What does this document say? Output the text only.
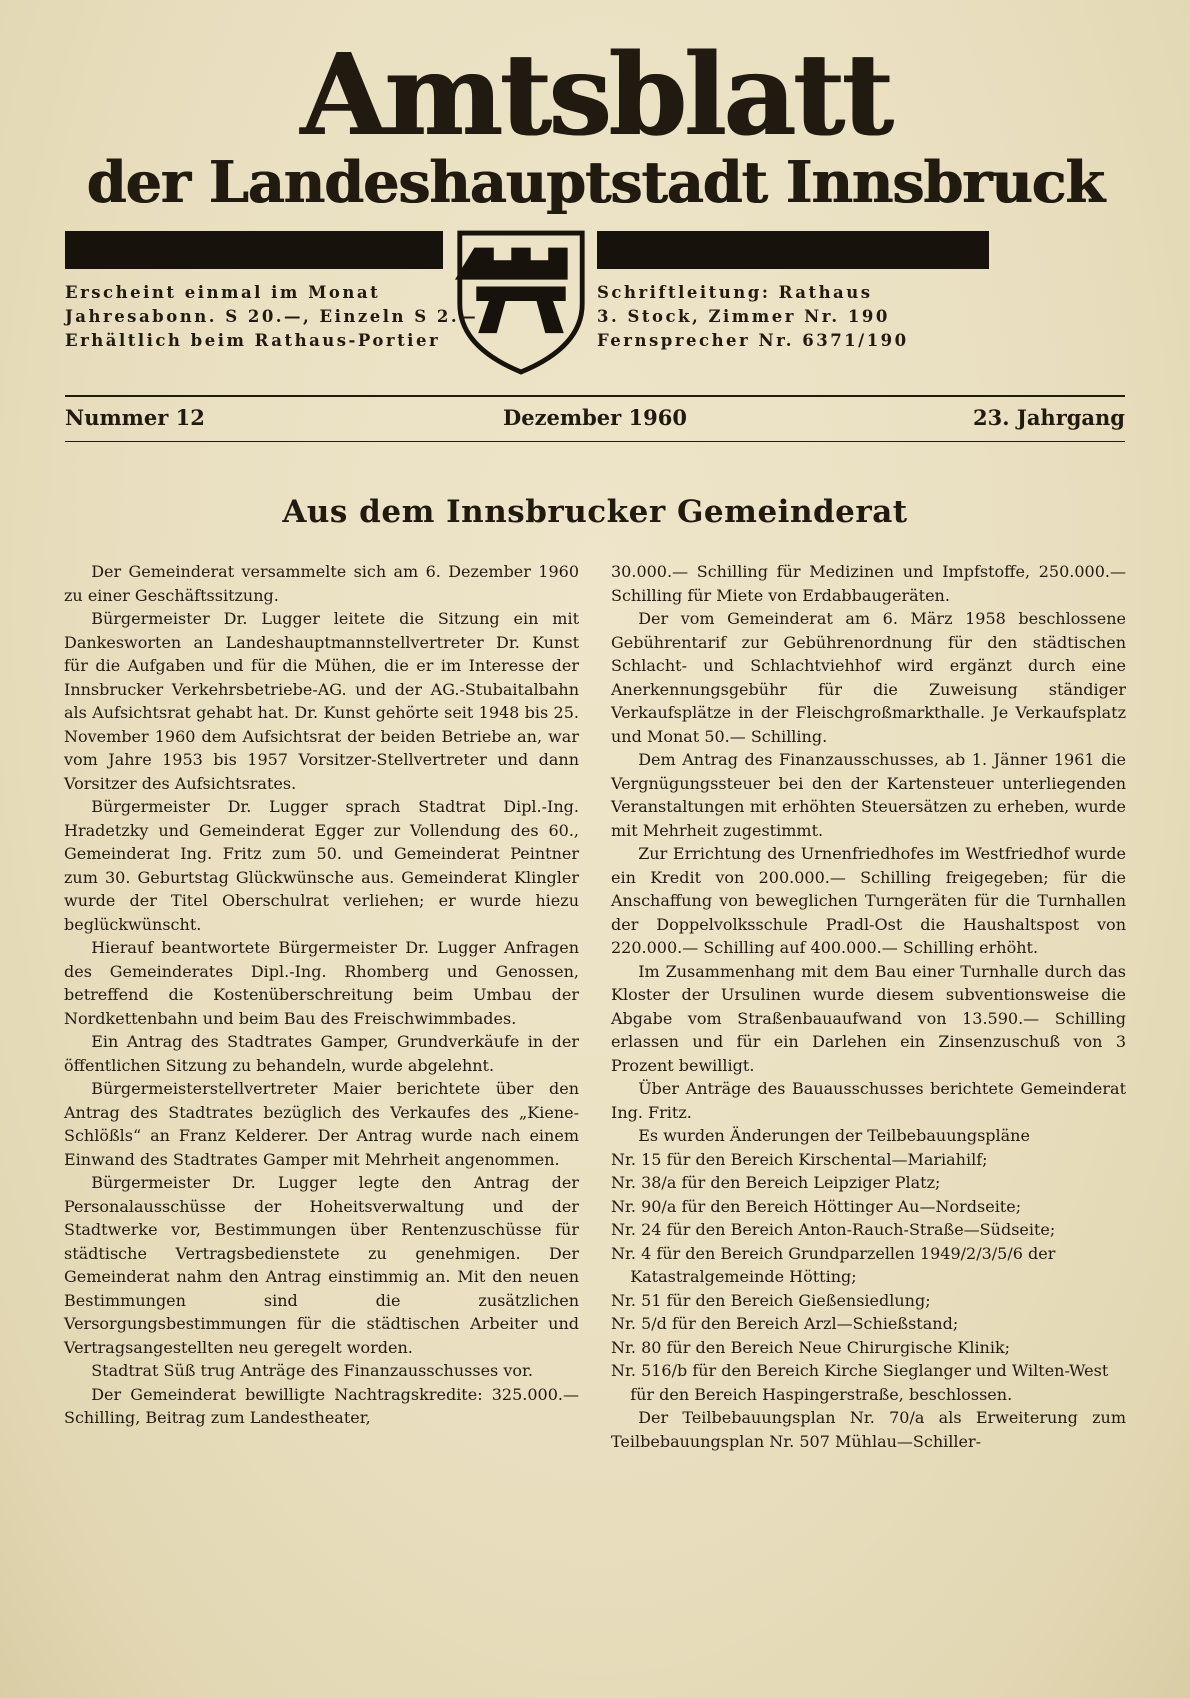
Amtsblatt
der Landeshauptstadt Innsbruck
Erscheint einmal im Monat
Jahresabonn. S 20.—, Einzeln S 2.—
Erhältlich beim Rathaus-Portier
Schriftleitung: Rathaus
3. Stock, Zimmer Nr. 190
Fernsprecher Nr. 6371/190
Nummer 12	Dezember 1960	23. Jahrgang
Aus dem Innsbrucker Gemeinderat

Der Gemeinderat versammelte sich am 6. Dezember 1960 zu einer Geschäftssitzung.

Bürgermeister Dr. Lugger leitete die Sitzung ein mit Dankesworten an Landeshauptmannstellvertreter Dr. Kunst für die Aufgaben und für die Mühen, die er im Interesse der Innsbrucker Verkehrsbetriebe-AG. und der AG.-Stubaitalbahn als Aufsichtsrat gehabt hat. Dr. Kunst gehörte seit 1948 bis 25. November 1960 dem Aufsichtsrat der beiden Betriebe an, war vom Jahre 1953 bis 1957 Vorsitzer-Stellvertreter und dann Vorsitzer des Aufsichtsrates.

Bürgermeister Dr. Lugger sprach Stadtrat Dipl.-Ing. Hradetzky und Gemeinderat Egger zur Vollendung des 60., Gemeinderat Ing. Fritz zum 50. und Gemeinderat Peintner zum 30. Geburtstag Glückwünsche aus. Gemeinderat Klingler wurde der Titel Oberschulrat verliehen; er wurde hiezu beglückwünscht.

Hierauf beantwortete Bürgermeister Dr. Lugger Anfragen des Gemeinderates Dipl.-Ing. Rhomberg und Genossen, betreffend die Kostenüberschreitung beim Umbau der Nordkettenbahn und beim Bau des Freischwimmbades.

Ein Antrag des Stadtrates Gamper, Grundverkäufe in der öffentlichen Sitzung zu behandeln, wurde abgelehnt.

Bürgermeisterstellvertreter Maier berichtete über den Antrag des Stadtrates bezüglich des Verkaufes des „Kiene-Schlößls“ an Franz Kelderer. Der Antrag wurde nach einem Einwand des Stadtrates Gamper mit Mehrheit angenommen.

Bürgermeister Dr. Lugger legte den Antrag der Personalausschüsse der Hoheitsverwaltung und der Stadtwerke vor, Bestimmungen über Rentenzuschüsse für städtische Vertragsbedienstete zu genehmigen. Der Gemeinderat nahm den Antrag einstimmig an. Mit den neuen Bestimmungen sind die zusätzlichen Versorgungsbestimmungen für die städtischen Arbeiter und Vertragsangestellten neu geregelt worden.

Stadtrat Süß trug Anträge des Finanzausschusses vor.

Der Gemeinderat bewilligte Nachtragskredite: 325.000.— Schilling, Beitrag zum Landestheater,

30.000.— Schilling für Medizinen und Impfstoffe, 250.000.— Schilling für Miete von Erdabbaugeräten.

Der vom Gemeinderat am 6. März 1958 beschlossene Gebührentarif zur Gebührenordnung für den städtischen Schlacht- und Schlachtviehhof wird ergänzt durch eine Anerkennungsgebühr für die Zuweisung ständiger Verkaufsplätze in der Fleischgroßmarkthalle. Je Verkaufsplatz und Monat 50.— Schilling.

Dem Antrag des Finanzausschusses, ab 1. Jänner 1961 die Vergnügungssteuer bei den der Kartensteuer unterliegenden Veranstaltungen mit erhöhten Steuersätzen zu erheben, wurde mit Mehrheit zugestimmt.

Zur Errichtung des Urnenfriedhofes im Westfriedhof wurde ein Kredit von 200.000.— Schilling freigegeben; für die Anschaffung von beweglichen Turngeräten für die Turnhallen der Doppelvolksschule Pradl-Ost die Haushaltspost von 220.000.— Schilling auf 400.000.— Schilling erhöht.

Im Zusammenhang mit dem Bau einer Turnhalle durch das Kloster der Ursulinen wurde diesem subventionsweise die Abgabe vom Straßenbauaufwand von 13.590.— Schilling erlassen und für ein Darlehen ein Zinsenzuschuß von 3 Prozent bewilligt.

Über Anträge des Bauausschusses berichtete Gemeinderat Ing. Fritz.

Es wurden Änderungen der Teilbebauungspläne

Nr. 15 für den Bereich Kirschental—Mariahilf;

Nr. 38/a für den Bereich Leipziger Platz;

Nr. 90/a für den Bereich Höttinger Au—Nordseite;

Nr. 24 für den Bereich Anton-Rauch-Straße—Südseite;

Nr. 4 für den Bereich Grundparzellen 1949/2/3/5/6 der Katastralgemeinde Hötting;

Nr. 51 für den Bereich Gießensiedlung;

Nr. 5/d für den Bereich Arzl—Schießstand;

Nr. 80 für den Bereich Neue Chirurgische Klinik;

Nr. 516/b für den Bereich Kirche Sieglanger und Wilten-West für den Bereich Haspingerstraße, beschlossen.

Der Teilbebauungsplan Nr. 70/a als Erweiterung zum Teilbebauungsplan Nr. 507 Mühlau—Schiller-
